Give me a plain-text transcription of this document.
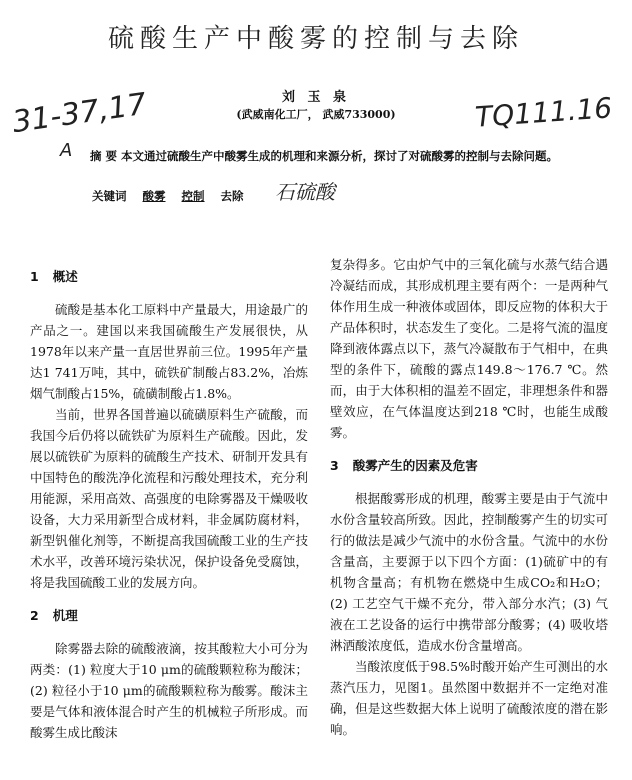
硫酸生产中酸雾的控制与去除
31-37,17	TQ111.16
刘 玉 泉
(武威南化工厂， 武威733000)
A	摘 要 本文通过硫酸生产中酸雾生成的机理和来源分析，探讨了对硫酸雾的控制与去除问题。
关键词 酸雾 控制 去除	石硫酸
1 概述

硫酸是基本化工原料中产量最大，用途最广的产品之一。建国以来我国硫酸生产发展很快，从1978年以来产量一直居世界前三位。1995年产量达1 741万吨，其中，硫铁矿制酸占83.2%，冶炼烟气制酸占15%，硫磺制酸占1.8%。

当前，世界各国普遍以硫磺原料生产硫酸，而我国今后仍将以硫铁矿为原料生产硫酸。因此，发展以硫铁矿为原料的硫酸生产技术、研制开发具有中国特色的酸洗净化流程和污酸处理技术，充分利用能源，采用高效、高强度的电除雾器及干燥吸收设备，大力采用新型合成材料，非金属防腐材料，新型钒催化剂等，不断提高我国硫酸工业的生产技术水平，改善环境污染状况，保护设备免受腐蚀，将是我国硫酸工业的发展方向。

2 机理

除雾器去除的硫酸液滴，按其酸粒大小可分为两类：(1) 粒度大于10 μm的硫酸颗粒称为酸沫；(2) 粒径小于10 μm的硫酸颗粒称为酸雾。酸沫主要是气体和液体混合时产生的机械粒子所形成。而酸雾生成比酸沫

复杂得多。它由炉气中的三氧化硫与水蒸气结合遇冷凝结而成，其形成机理主要有两个：一是两种气体作用生成一种液体或固体，即反应物的体积大于产品体积时，状态发生了变化。二是将气流的温度降到液体露点以下，蒸气冷凝散布于气相中，在典型的条件下，硫酸的露点149.8～176.7 ℃。然而，由于大体积相的温差不固定，非理想条件和器壁效应，在气体温度达到218 ℃时，也能生成酸雾。

3 酸雾产生的因素及危害

根据酸雾形成的机理，酸雾主要是由于气流中水份含量较高所致。因此，控制酸雾产生的切实可行的做法是减少气流中的水份含量。气流中的水份含量高，主要源于以下四个方面：(1)硫矿中的有机物含量高；有机物在燃烧中生成CO₂和H₂O；(2) 工艺空气干燥不充分，带入部分水汽；(3) 气液在工艺设备的运行中携带部分酸雾；(4) 吸收塔淋洒酸浓度低，造成水份含量增高。

当酸浓度低于98.5%时酸开始产生可测出的水蒸汽压力，见图1。虽然图中数据并不一定绝对准确，但是这些数据大体上说明了硫酸浓度的潜在影响。
